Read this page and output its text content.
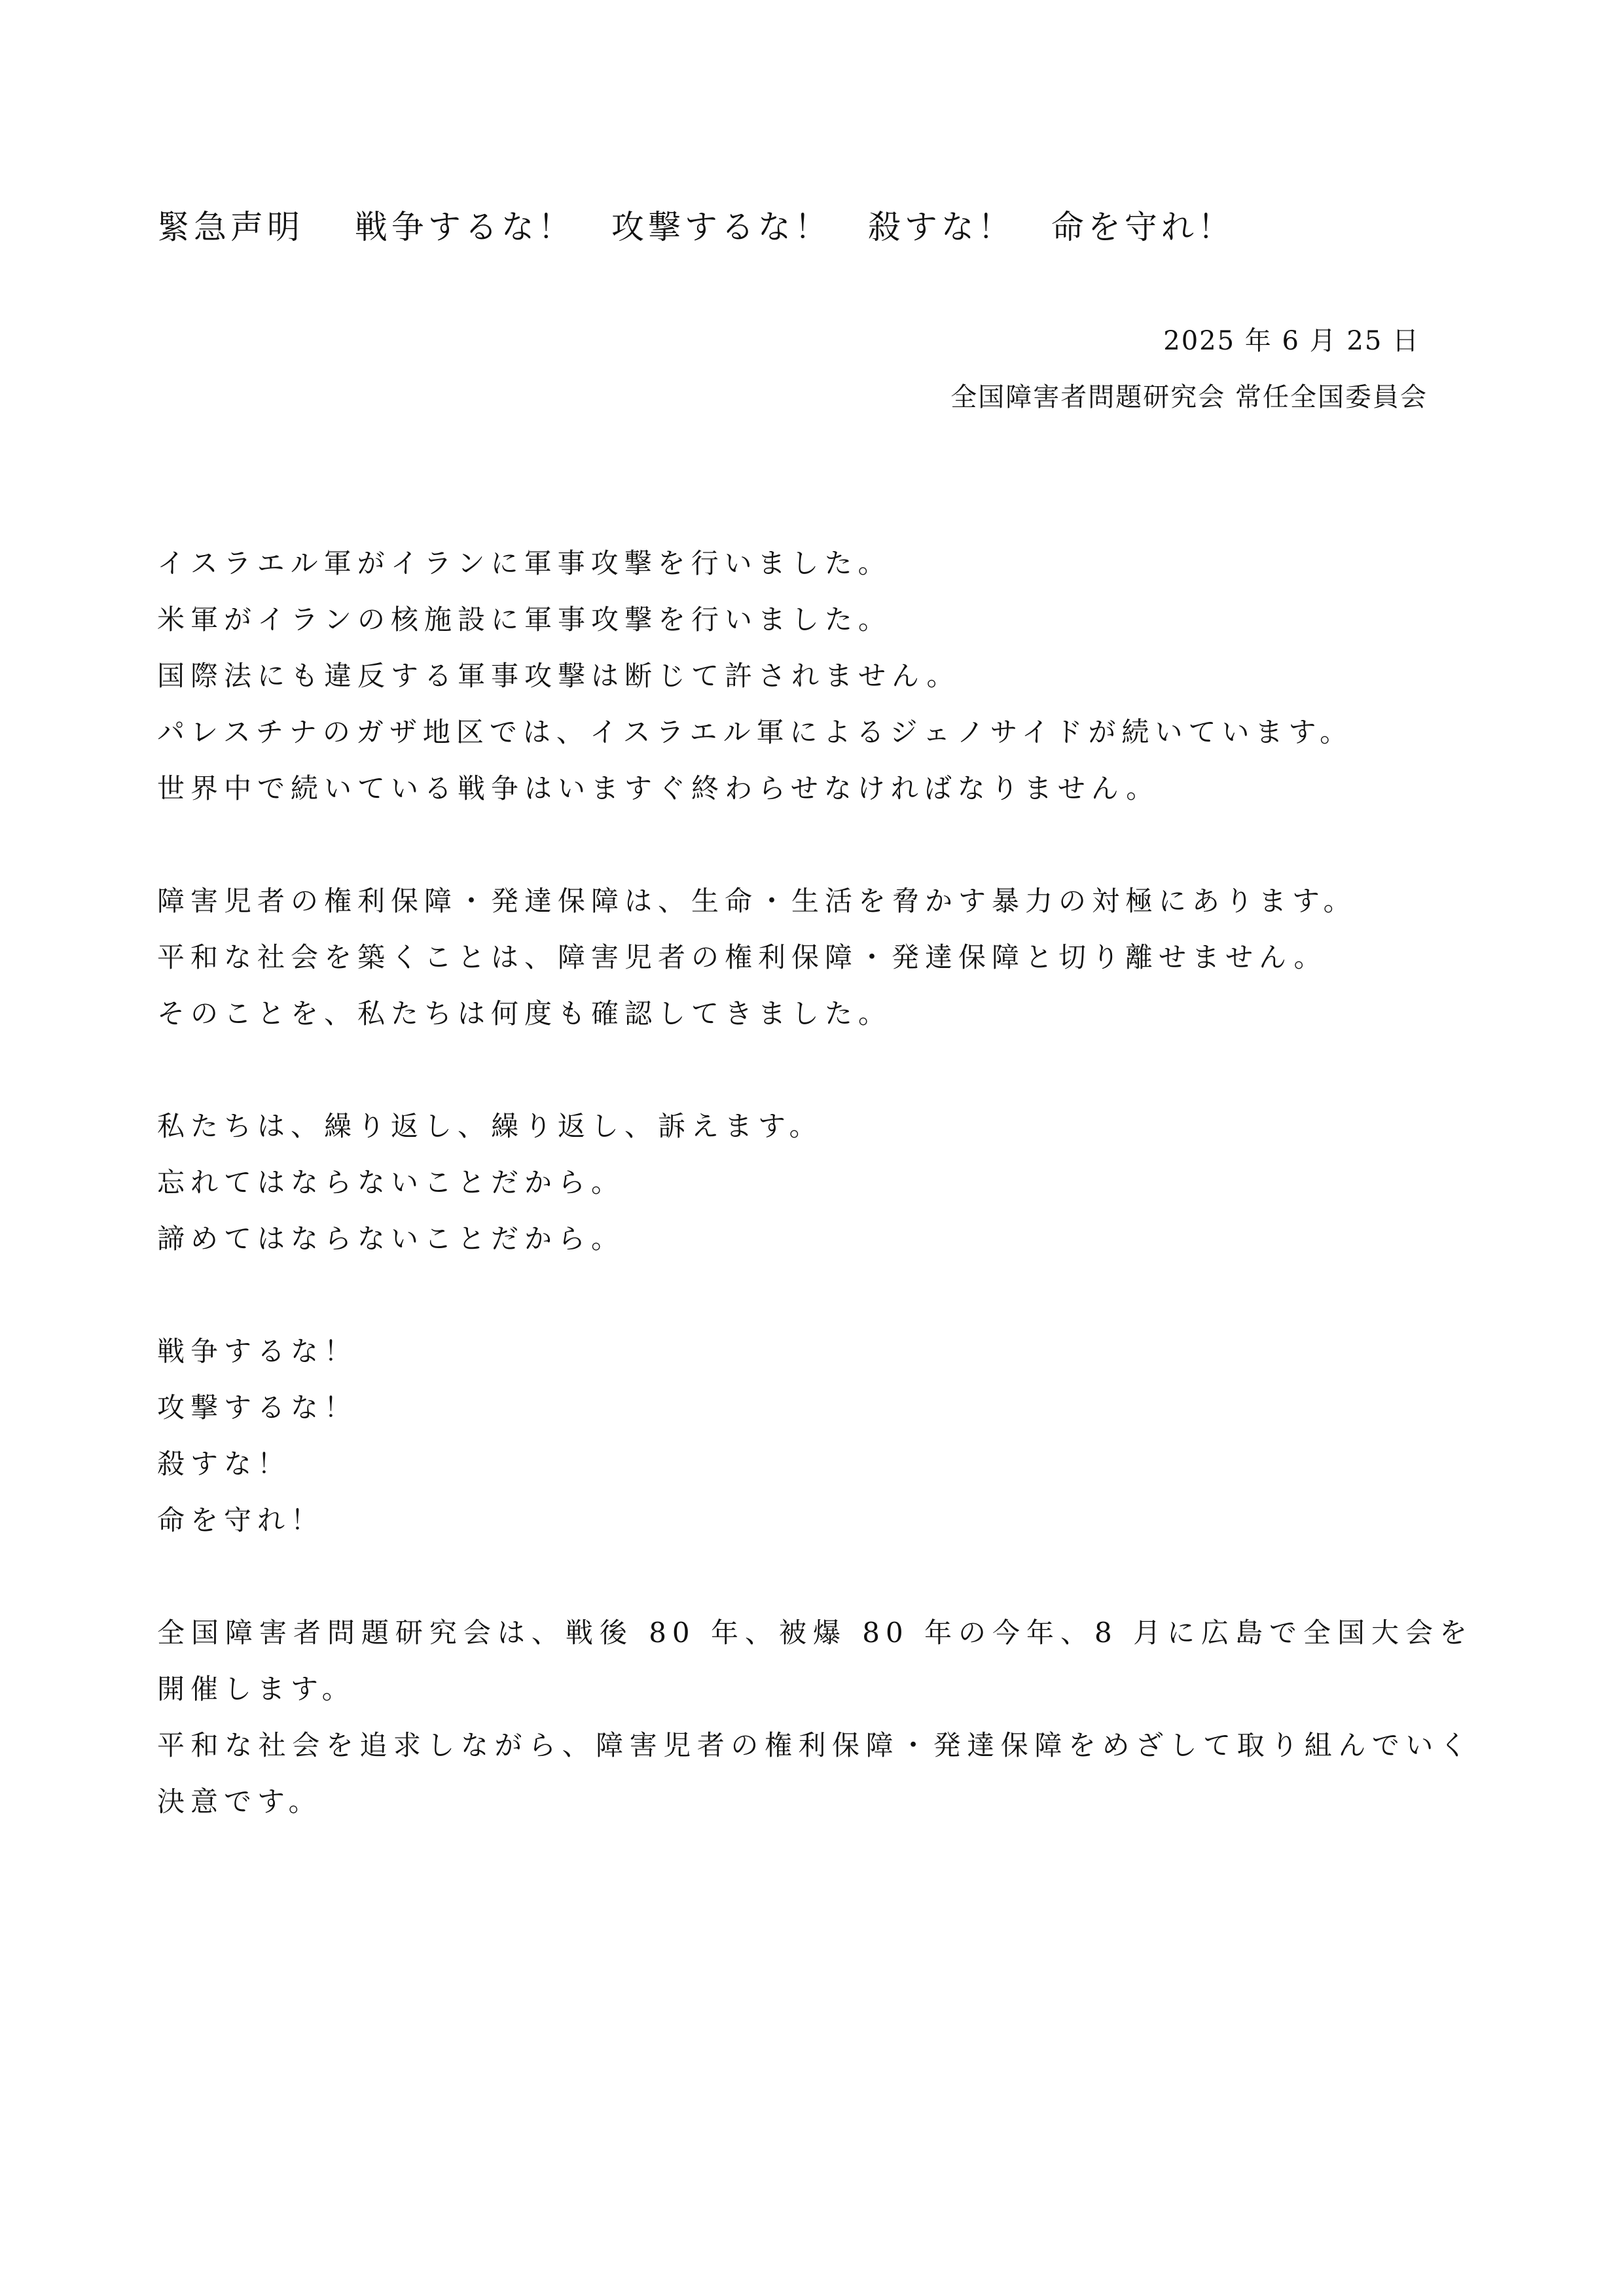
緊急声明　 戦争するな！　攻撃するな！　殺すな！　命を守れ！
2025 年 6 月 25 日
全国障害者問題研究会 常任全国委員会
イスラエル軍がイランに軍事攻撃を行いました。
米軍がイランの核施設に軍事攻撃を行いました。
国際法にも違反する軍事攻撃は断じて許されません。
パレスチナのガザ地区では、イスラエル軍によるジェノサイドが続いています。
世界中で続いている戦争はいますぐ終わらせなければなりません。
障害児者の権利保障・発達保障は、生命・生活を脅かす暴力の対極にあります。
平和な社会を築くことは、障害児者の権利保障・発達保障と切り離せません。
そのことを、私たちは何度も確認してきました。
私たちは、繰り返し、繰り返し、訴えます。
忘れてはならないことだから。
諦めてはならないことだから。
戦争するな！
攻撃するな！
殺すな！
命を守れ！
全国障害者問題研究会は、戦後 80 年、被爆 80 年の今年、8 月に広島で全国大会を開催します。
平和な社会を追求しながら、障害児者の権利保障・発達保障をめざして取り組んでいく決意です。
